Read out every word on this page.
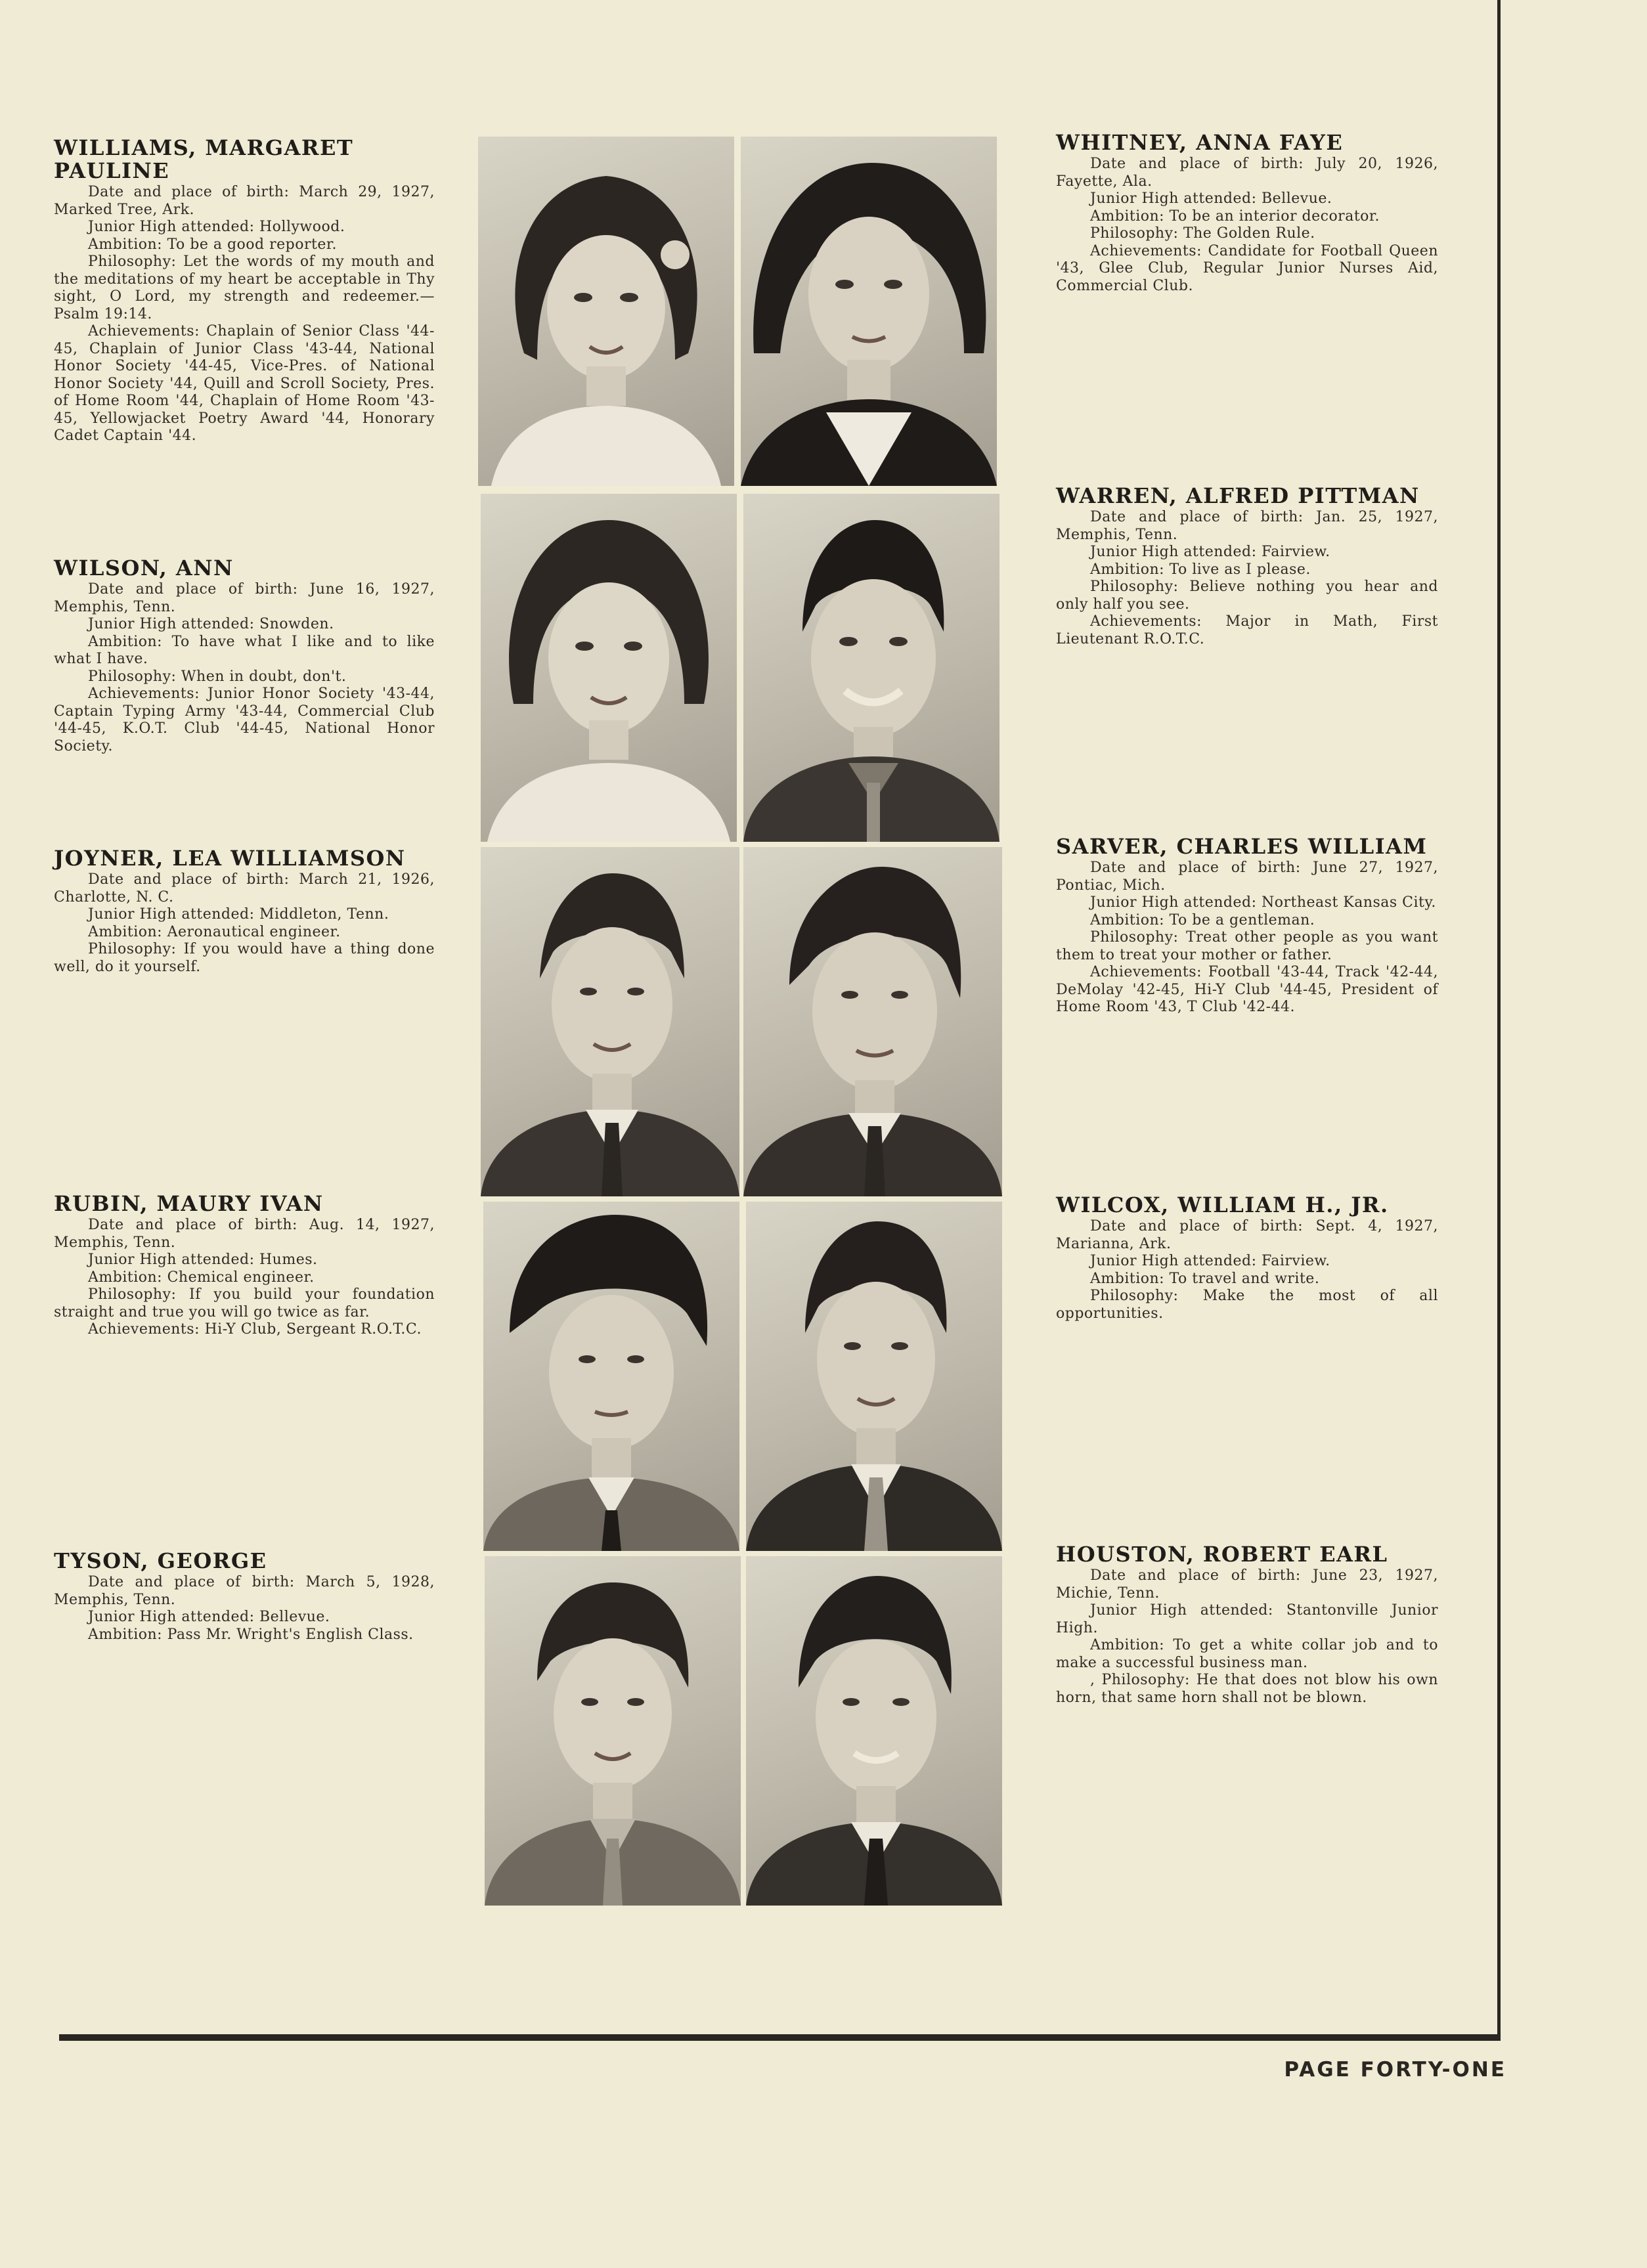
PAGE FORTY-ONE
WILLIAMS, MARGARET PAULINE

Date and place of birth: March 29, 1927, Marked Tree, Ark.

Junior High attended: Hollywood.

Ambition: To be a good reporter.

Philosophy: Let the words of my mouth and the meditations of my heart be acceptable in Thy sight, O Lord, my strength and redeemer.— Psalm 19:14.

Achievements: Chaplain of Senior Class '44-45, Chaplain of Junior Class '43-44, National Honor Society '44-45, Vice-Pres. of National Honor Society '44, Quill and Scroll Society, Pres. of Home Room '44, Chaplain of Home Room '43-45, Yellowjacket Poetry Award '44, Honorary Cadet Captain '44.

WILSON, ANN

Date and place of birth: June 16, 1927, Memphis, Tenn.

Junior High attended: Snowden.

Ambition: To have what I like and to like what I have.

Philosophy: When in doubt, don't.

Achievements: Junior Honor Society '43-44, Captain Typing Army '43-44, Commercial Club '44-45, K.O.T. Club '44-45, National Honor Society.

JOYNER, LEA WILLIAMSON

Date and place of birth: March 21, 1926, Charlotte, N. C.

Junior High attended: Middleton, Tenn.

Ambition: Aeronautical engineer.

Philosophy: If you would have a thing done well, do it yourself.

RUBIN, MAURY IVAN

Date and place of birth: Aug. 14, 1927, Memphis, Tenn.

Junior High attended: Humes.

Ambition: Chemical engineer.

Philosophy: If you build your foundation straight and true you will go twice as far.

Achievements: Hi-Y Club, Sergeant R.O.T.C.

TYSON, GEORGE

Date and place of birth: March 5, 1928, Memphis, Tenn.

Junior High attended: Bellevue.

Ambition: Pass Mr. Wright's English Class.

WHITNEY, ANNA FAYE

Date and place of birth: July 20, 1926, Fayette, Ala.

Junior High attended: Bellevue.

Ambition: To be an interior decorator.

Philosophy: The Golden Rule.

Achievements: Candidate for Football Queen '43, Glee Club, Regular Junior Nurses Aid, Commercial Club.

WARREN, ALFRED PITTMAN

Date and place of birth: Jan. 25, 1927, Memphis, Tenn.

Junior High attended: Fairview.

Ambition: To live as I please.

Philosophy: Believe nothing you hear and only half you see.

Achievements: Major in Math, First Lieutenant R.O.T.C.

SARVER, CHARLES WILLIAM

Date and place of birth: June 27, 1927, Pontiac, Mich.

Junior High attended: Northeast Kansas City.

Ambition: To be a gentleman.

Philosophy: Treat other people as you want them to treat your mother or father.

Achievements: Football '43-44, Track '42-44, DeMolay '42-45, Hi-Y Club '44-45, President of Home Room '43, T Club '42-44.

WILCOX, WILLIAM H., JR.

Date and place of birth: Sept. 4, 1927, Marianna, Ark.

Junior High attended: Fairview.

Ambition: To travel and write.

Philosophy: Make the most of all opportunities.

HOUSTON, ROBERT EARL

Date and place of birth: June 23, 1927, Michie, Tenn.

Junior High attended: Stantonville Junior High.

Ambition: To get a white collar job and to make a successful business man.

, Philosophy: He that does not blow his own horn, that same horn shall not be blown.
